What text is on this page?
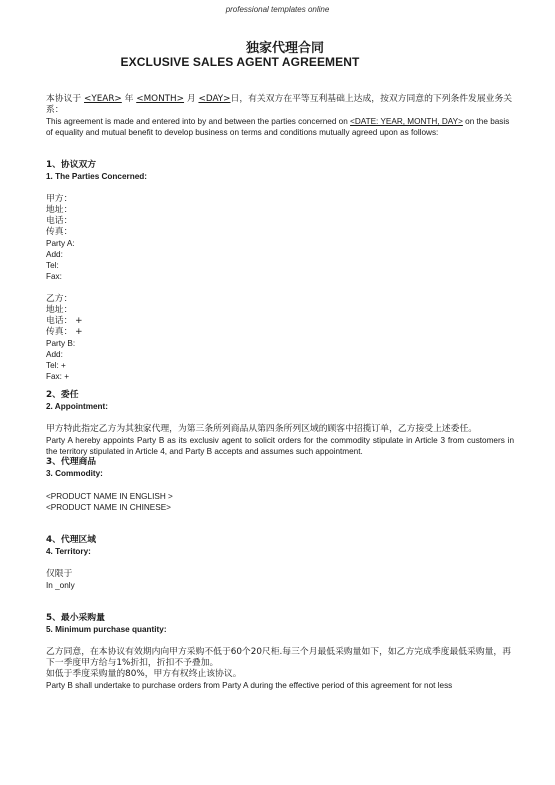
professional templates online
独家代理合同
EXCLUSIVE SALES AGENT AGREEMENT

本协议于 <YEAR> 年 <MONTH> 月 <DAY>日，有关双方在平等互利基础上达成，按双方同意的下列条件发展业务关系：

This agreement is made and entered into by and between the parties concerned on <DATE: YEAR, MONTH, DAY> on the basis of equality and mutual benefit to develop business on terms and conditions mutually agreed upon as follows:

1、协议双方

1. The Parties Concerned:

甲方：

地址：

电话：

传真：

Party A:

Add:

Tel:

Fax:

乙方：

地址：

电话： +

传真： +

Party B:

Add:

Tel: +

Fax: +

2、委任

2. Appointment:

甲方特此指定乙方为其独家代理，为第三条所列商品从第四条所列区域的顾客中招揽订单，乙方接受上述委任。

Party A hereby appoints Party B as its exclusiv agent to solicit orders for the commodity stipulate in Article 3 from customers in the territory stipulated in Article 4, and Party B accepts and assumes such appointment.

3、代理商品

3. Commodity:

<PRODUCT NAME IN ENGLISH >

<PRODUCT NAME IN CHINESE>

4、代理区域

4. Territory:

仅限于

In _only

5、最小采购量

5. Minimum purchase quantity:

乙方同意，在本协议有效期内向甲方采购不低于60个20尺柜.每三个月最低采购量如下，如乙方完成季度最低采购量，再下一季度甲方给与1%折扣，折扣不予叠加。

如低于季度采购量的80%，甲方有权终止该协议。

Party B shall undertake to purchase orders from Party A during the effective period of this agreement for not less
